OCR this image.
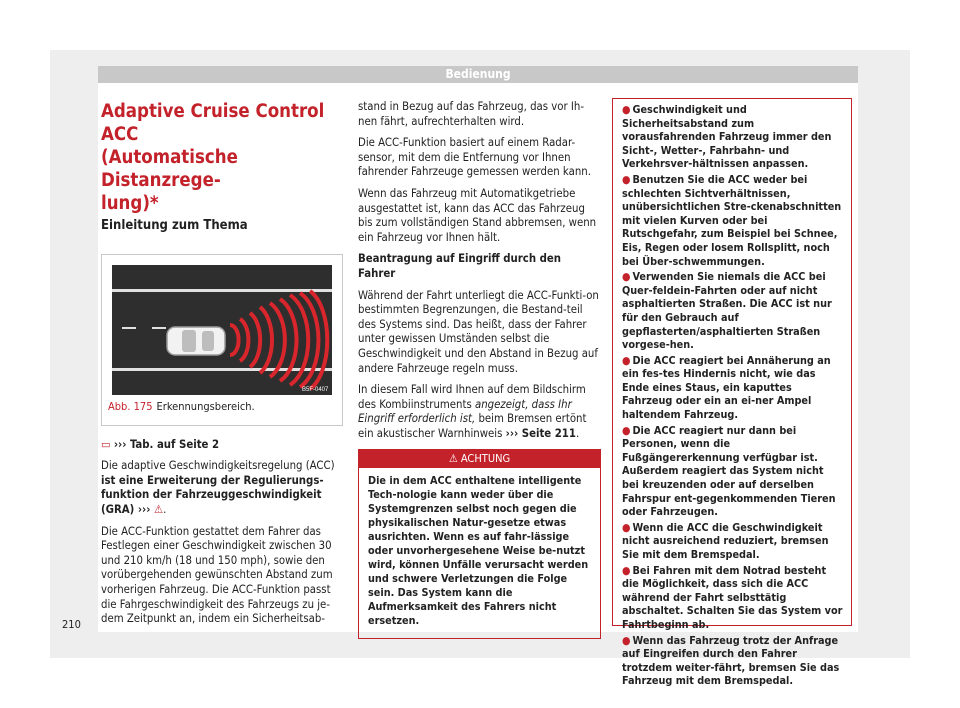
Bedienung
Adaptive Cruise Control ACC
(Automatische Distanzrege-
lung)*
Einleitung zum Thema
B5F-0407
Abb. 175 Erkennungsbereich.

▭ ››› Tab. auf Seite 2

Die adaptive Geschwindigkeitsregelung (ACC) ist eine Erweiterung der Regulierungs-funktion der Fahrzeuggeschwindigkeit (GRA) ››› ⚠.

Die ACC-Funktion gestattet dem Fahrer das Festlegen einer Geschwindigkeit zwischen 30 und 210 km/h (18 und 150 mph), sowie den vorübergehenden gewünschten Abstand zum vorherigen Fahrzeug. Die ACC-Funktion passt die Fahrgeschwindigkeit des Fahrzeugs zu je-dem Zeitpunkt an, indem ein Sicherheitsab-

stand in Bezug auf das Fahrzeug, das vor Ih-nen fährt, aufrechterhalten wird.

Die ACC-Funktion basiert auf einem Radar-sensor, mit dem die Entfernung vor Ihnen fahrender Fahrzeuge gemessen werden kann.

Wenn das Fahrzeug mit Automatikgetriebe ausgestattet ist, kann das ACC das Fahrzeug bis zum vollständigen Stand abbremsen, wenn ein Fahrzeug vor Ihnen hält.

Beantragung auf Eingriff durch den Fahrer

Während der Fahrt unterliegt die ACC-Funkti-on bestimmten Begrenzungen, die Bestand-teil des Systems sind. Das heißt, dass der Fahrer unter gewissen Umständen selbst die Geschwindigkeit und den Abstand in Bezug auf andere Fahrzeuge regeln muss.

In diesem Fall wird Ihnen auf dem Bildschirm des Kombiinstruments angezeigt, dass Ihr Eingriff erforderlich ist, beim Bremsen ertönt ein akustischer Warnhinweis ››› Seite 211.

⚠ ACHTUNG
Die in dem ACC enthaltene intelligente Tech-nologie kann weder über die Systemgrenzen selbst noch gegen die physikalischen Natur-gesetze etwas ausrichten. Wenn es auf fahr-lässige oder unvorhergesehene Weise be-nutzt wird, können Unfälle verursacht werden und schwere Verletzungen die Folge sein. Das System kann die Aufmerksamkeit des Fahrers nicht ersetzen.
● Geschwindigkeit und Sicherheitsabstand zum vorausfahrenden Fahrzeug immer den Sicht-, Wetter-, Fahrbahn- und Verkehrsver-hältnissen anpassen.
● Benutzen Sie die ACC weder bei schlechten Sichtverhältnissen, unübersichtlichen Stre-ckenabschnitten mit vielen Kurven oder bei Rutschgefahr, zum Beispiel bei Schnee, Eis, Regen oder losem Rollsplitt, noch bei Über-schwemmungen.
● Verwenden Sie niemals die ACC bei Quer-feldein-Fahrten oder auf nicht asphaltierten Straßen. Die ACC ist nur für den Gebrauch auf gepflasterten/asphaltierten Straßen vorgese-hen.
● Die ACC reagiert bei Annäherung an ein fes-tes Hindernis nicht, wie das Ende eines Staus, ein kaputtes Fahrzeug oder ein an ei-ner Ampel haltendem Fahrzeug.
● Die ACC reagiert nur dann bei Personen, wenn die Fußgängererkennung verfügbar ist. Außerdem reagiert das System nicht bei kreuzenden oder auf derselben Fahrspur ent-gegenkommenden Tieren oder Fahrzeugen.
● Wenn die ACC die Geschwindigkeit nicht ausreichend reduziert, bremsen Sie mit dem Bremspedal.
● Bei Fahren mit dem Notrad besteht die Möglichkeit, dass sich die ACC während der Fahrt selbsttätig abschaltet. Schalten Sie das System vor Fahrtbeginn ab.
● Wenn das Fahrzeug trotz der Anfrage auf Eingreifen durch den Fahrer trotzdem weiter-fährt, bremsen Sie das Fahrzeug mit dem Bremspedal.
210
